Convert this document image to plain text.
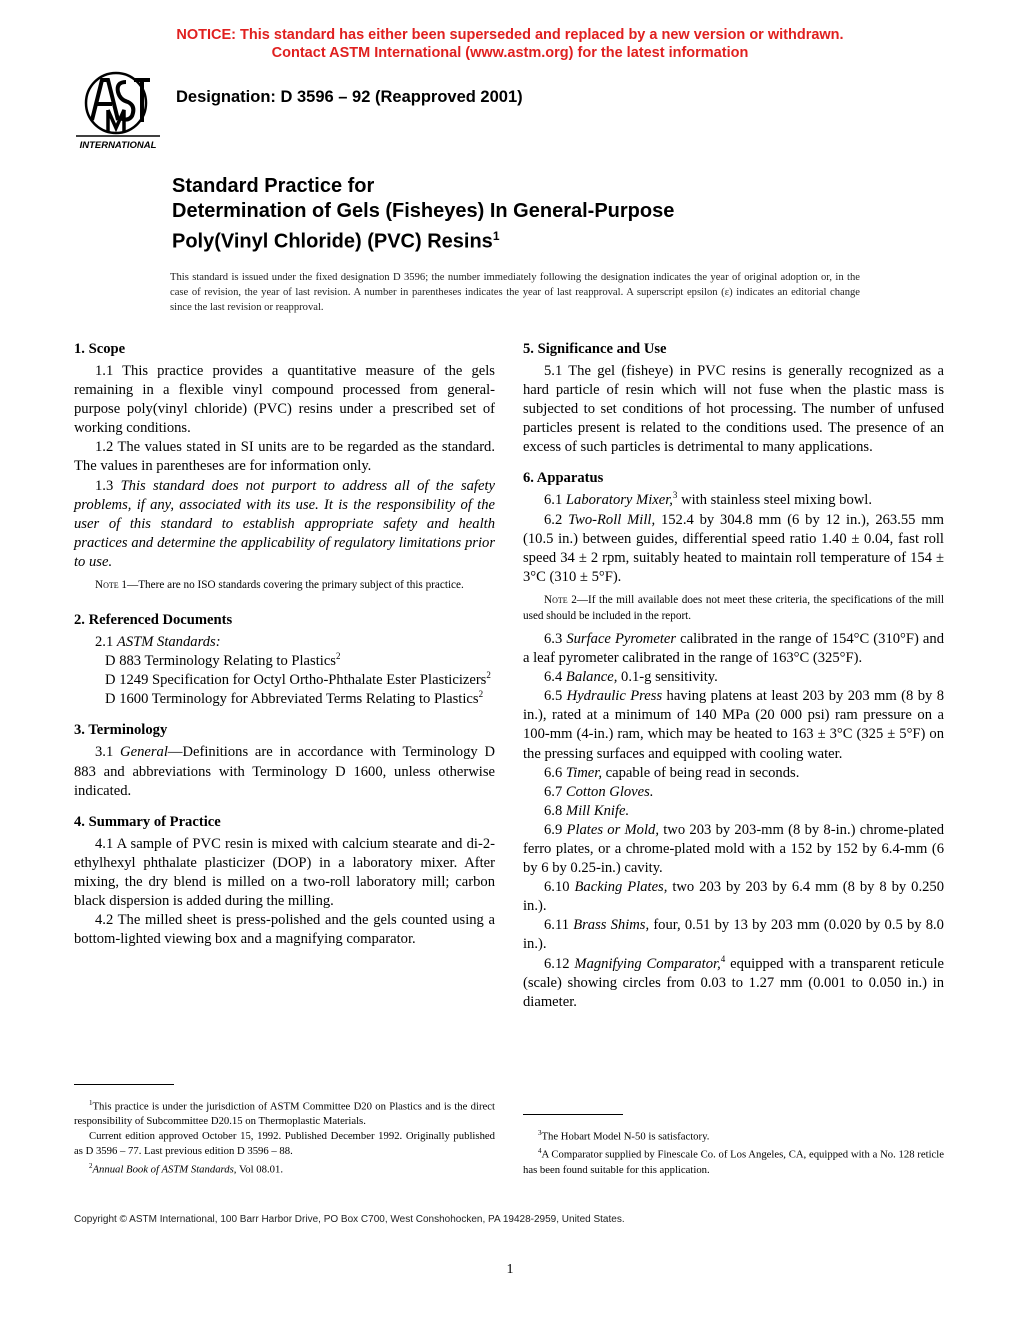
NOTICE: This standard has either been superseded and replaced by a new version or withdrawn.
Contact ASTM International (www.astm.org) for the latest information
INTERNATIONAL
Designation: D 3596 – 92 (Reapproved 2001)
Standard Practice for
Determination of Gels (Fisheyes) In General-Purpose
Poly(Vinyl Chloride) (PVC) Resins$^1$
This standard is issued under the fixed designation D 3596; the number immediately following the designation indicates the year of original adoption or, in the case of revision, the year of last revision. A number in parentheses indicates the year of last reapproval. A superscript epsilon (ε) indicates an editorial change since the last revision or reapproval.
1. Scope

1.1 This practice provides a quantitative measure of the gels remaining in a flexible vinyl compound processed from general-purpose poly(vinyl chloride) (PVC) resins under a prescribed set of working conditions.

1.2 The values stated in SI units are to be regarded as the standard. The values in parentheses are for information only.

1.3 This standard does not purport to address all of the safety problems, if any, associated with its use. It is the responsibility of the user of this standard to establish appropriate safety and health practices and determine the applicability of regulatory limitations prior to use.

Note 1—There are no ISO standards covering the primary subject of this practice.

2. Referenced Documents

2.1 ASTM Standards:

D 883 Terminology Relating to Plastics$^2$

D 1249 Specification for Octyl Ortho-Phthalate Ester Plasticizers$^2$

D 1600 Terminology for Abbreviated Terms Relating to Plastics$^2$

3. Terminology

3.1 General—Definitions are in accordance with Terminology D 883 and abbreviations with Terminology D 1600, unless otherwise indicated.

4. Summary of Practice

4.1 A sample of PVC resin is mixed with calcium stearate and di-2-ethylhexyl phthalate plasticizer (DOP) in a laboratory mixer. After mixing, the dry blend is milled on a two-roll laboratory mill; carbon black dispersion is added during the milling.

4.2 The milled sheet is press-polished and the gels counted using a bottom-lighted viewing box and a magnifying comparator.

5. Significance and Use

5.1 The gel (fisheye) in PVC resins is generally recognized as a hard particle of resin which will not fuse when the plastic mass is subjected to set conditions of hot processing. The number of unfused particles present is related to the conditions used. The presence of an excess of such particles is detrimental to many applications.

6. Apparatus

6.1 Laboratory Mixer,$^3$ with stainless steel mixing bowl.

6.2 Two-Roll Mill, 152.4 by 304.8 mm (6 by 12 in.), 263.55 mm (10.5 in.) between guides, differential speed ratio 1.40 ± 0.04, fast roll speed 34 ± 2 rpm, suitably heated to maintain roll temperature of 154 ± 3°C (310 ± 5°F).

Note 2—If the mill available does not meet these criteria, the specifications of the mill used should be included in the report.

6.3 Surface Pyrometer calibrated in the range of 154°C (310°F) and a leaf pyrometer calibrated in the range of 163°C (325°F).

6.4 Balance, 0.1-g sensitivity.

6.5 Hydraulic Press having platens at least 203 by 203 mm (8 by 8 in.), rated at a minimum of 140 MPa (20 000 psi) ram pressure on a 100-mm (4-in.) ram, which may be heated to 163 ± 3°C (325 ± 5°F) on the pressing surfaces and equipped with cooling water.

6.6 Timer, capable of being read in seconds.

6.7 Cotton Gloves.

6.8 Mill Knife.

6.9 Plates or Mold, two 203 by 203-mm (8 by 8-in.) chrome-plated ferro plates, or a chrome-plated mold with a 152 by 152 by 6.4-mm (6 by 6 by 0.25-in.) cavity.

6.10 Backing Plates, two 203 by 203 by 6.4 mm (8 by 8 by 0.250 in.).

6.11 Brass Shims, four, 0.51 by 13 by 203 mm (0.020 by 0.5 by 8.0 in.).

6.12 Magnifying Comparator,$^4$ equipped with a transparent reticule (scale) showing circles from 0.03 to 1.27 mm (0.001 to 0.050 in.) in diameter.

$^1$This practice is under the jurisdiction of ASTM Committee D20 on Plastics and is the direct responsibility of Subcommittee D20.15 on Thermoplastic Materials.

Current edition approved October 15, 1992. Published December 1992. Originally published as D 3596 – 77. Last previous edition D 3596 – 88.

$^2$Annual Book of ASTM Standards, Vol 08.01.

$^3$The Hobart Model N-50 is satisfactory.

$^4$A Comparator supplied by Finescale Co. of Los Angeles, CA, equipped with a No. 128 reticle has been found suitable for this application.

Copyright © ASTM International, 100 Barr Harbor Drive, PO Box C700, West Conshohocken, PA 19428-2959, United States.
1
